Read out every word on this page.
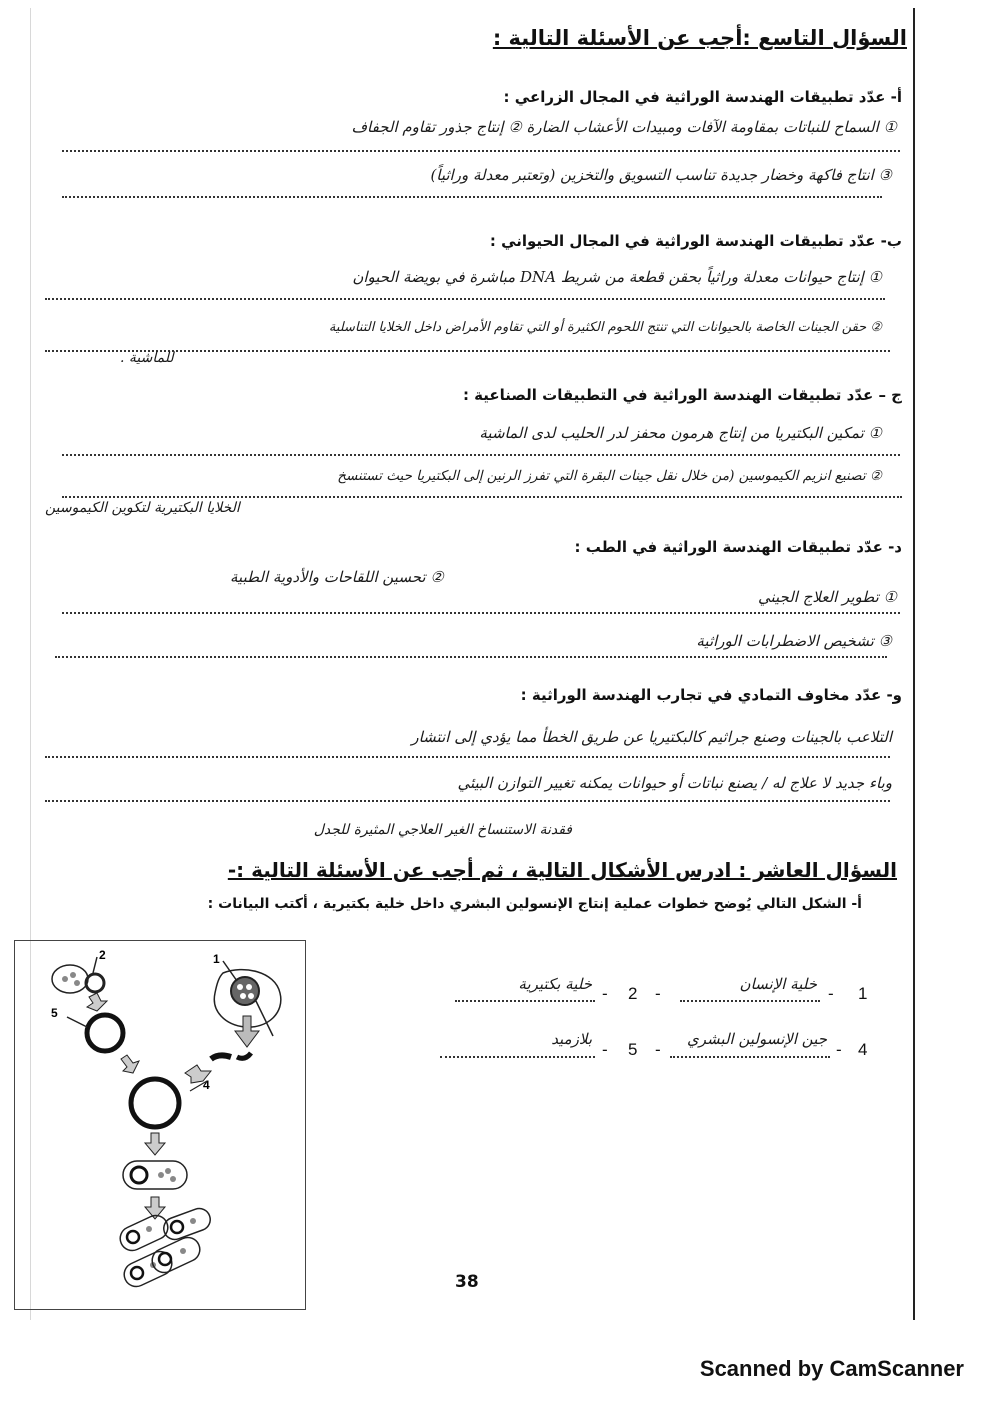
السؤال التاسع :أجب عن الأسئلة التالية :
أ- عدّد تطبيقات الهندسة الوراثية في المجال الزراعي :
① السماح للنباتات بمقاومة الآفات ومبيدات الأعشاب الضارة ② إنتاج جذور تقاوم الجفاف
③ انتاج فاكهة وخضار جديدة تناسب التسويق والتخزين (وتعتبر معدلة وراثياً)
ب- عدّد تطبيقات الهندسة الوراثية في المجال الحيواني :
① إنتاج حيوانات معدلة وراثياً بحقن قطعة من شريط DNA مباشرة في بويضة الحيوان
② حقن الجينات الخاصة بالحيوانات التي تنتج اللحوم الكثيرة أو التي تقاوم الأمراض داخل الخلايا التناسلية
للماشية .
ج – عدّد تطبيقات الهندسة الوراثية في التطبيقات الصناعية :
① تمكين البكتيريا من إنتاج هرمون محفز لدر الحليب لدى الماشية
② تصنيع انزيم الكيموسين (من خلال نقل جينات البقرة التي تفرز الرنين إلى البكتيريا حيث تستنسخ
الخلايا البكتيرية لتكوين الكيموسين
د- عدّد تطبيقات الهندسة الوراثية في الطب :
② تحسين اللقاحات والأدوية الطبية
① تطوير العلاج الجيني
③ تشخيص الاضطرابات الوراثية
و- عدّد مخاوف التمادي في تجارب الهندسة الوراثية :
التلاعب بالجينات وصنع جراثيم كالبكتيريا عن طريق الخطأ مما يؤدي إلى انتشار
وباء جديد لا علاج له / يصنع نباتات أو حيوانات يمكنه تغيير التوازن البيئي
فقدنة الاستنساخ الغير العلاجي المثيرة للجدل
السؤال العاشر : ادرس الأشكال التالية ، ثم أجب عن الأسئلة التالية :-
أ- الشكل التالي يُوضح خطوات عملية إنتاج الإنسولين البشري داخل خلية بكتيرية ، أكتب البيانات :
1
-
خلية الإنسان
-
2
-
خلية بكتيرية
4
-
جين الإنسولين البشري
-
5
-
بلازميد
1
4
2
5
38
Scanned by CamScanner
